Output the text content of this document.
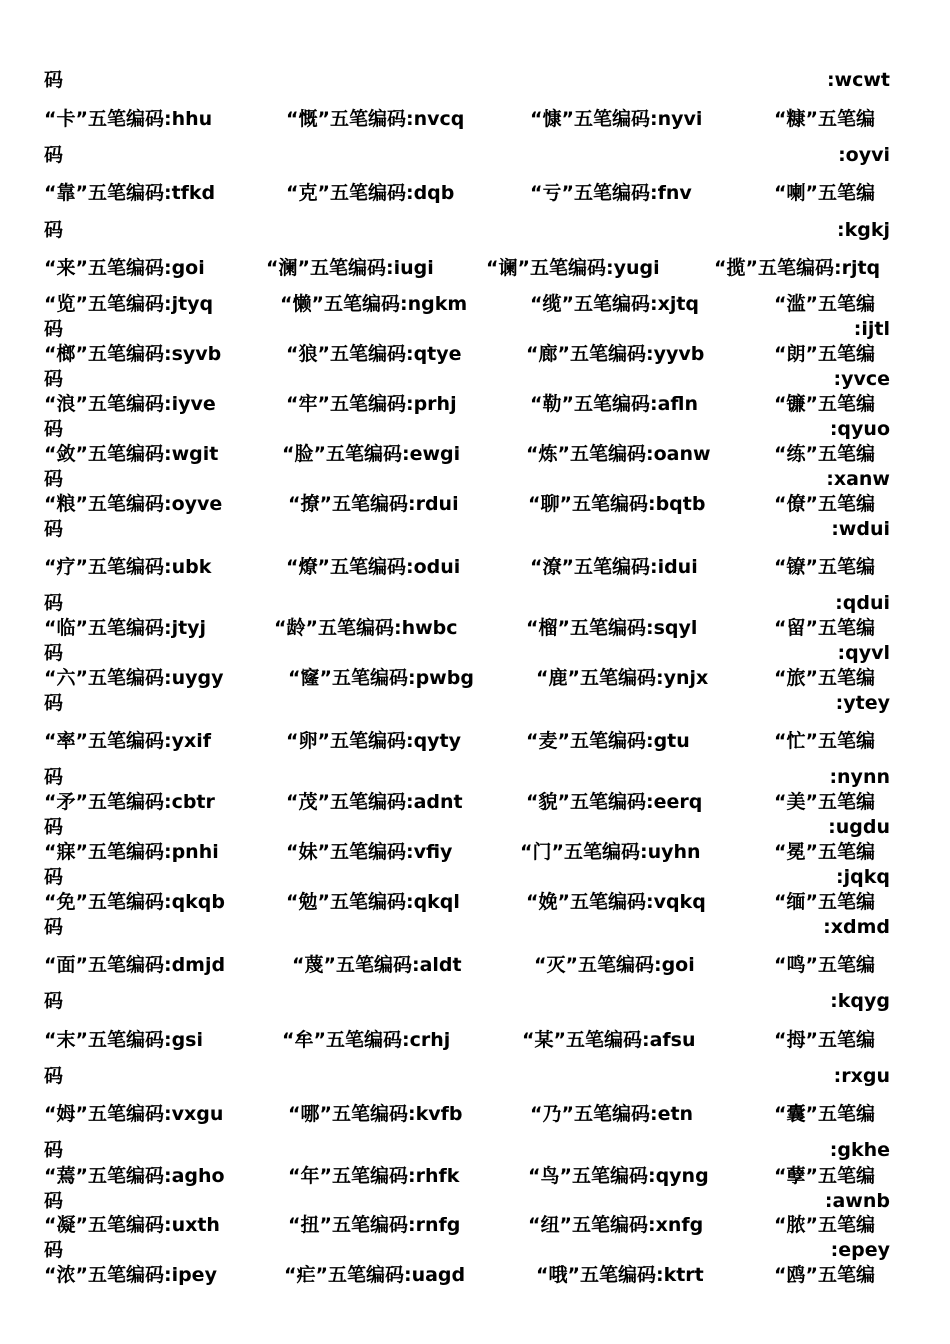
码	:wcwt
“卡”五笔编码:hhu	“慨”五笔编码:nvcq	“慷”五笔编码:nyvi	“糠”五笔编
码	:oyvi
“靠”五笔编码:tfkd	“克”五笔编码:dqb	“亏”五笔编码:fnv	“喇”五笔编
码	:kgkj
“来”五笔编码:goi	“澜”五笔编码:iugi	“谰”五笔编码:yugi	“揽”五笔编码:rjtq
“览”五笔编码:jtyq	“懒”五笔编码:ngkm	“缆”五笔编码:xjtq	“滥”五笔编
码	:ijtl
“榔”五笔编码:syvb	“狼”五笔编码:qtye	“廊”五笔编码:yyvb	“朗”五笔编
码	:yvce
“浪”五笔编码:iyve	“牢”五笔编码:prhj	“勒”五笔编码:afln	“镰”五笔编
码	:qyuo
“敛”五笔编码:wgit	“脸”五笔编码:ewgi	“炼”五笔编码:oanw	“练”五笔编
码	:xanw
“粮”五笔编码:oyve	“撩”五笔编码:rdui	“聊”五笔编码:bqtb	“僚”五笔编
码	:wdui
“疗”五笔编码:ubk	“燎”五笔编码:odui	“潦”五笔编码:idui	“镣”五笔编
码	:qdui
“临”五笔编码:jtyj	“龄”五笔编码:hwbc	“榴”五笔编码:sqyl	“留”五笔编
码	:qyvl
“六”五笔编码:uygy	“窿”五笔编码:pwbg	“鹿”五笔编码:ynjx	“旅”五笔编
码	:ytey
“率”五笔编码:yxif	“卵”五笔编码:qyty	“麦”五笔编码:gtu	“忙”五笔编
码	:nynn
“矛”五笔编码:cbtr	“茂”五笔编码:adnt	“貌”五笔编码:eerq	“美”五笔编
码	:ugdu
“寐”五笔编码:pnhi	“妹”五笔编码:vfiy	“门”五笔编码:uyhn	“冕”五笔编
码	:jqkq
“免”五笔编码:qkqb	“勉”五笔编码:qkql	“娩”五笔编码:vqkq	“缅”五笔编
码	:xdmd
“面”五笔编码:dmjd	“蔑”五笔编码:aldt	“灭”五笔编码:goi	“鸣”五笔编
码	:kqyg
“末”五笔编码:gsi	“牟”五笔编码:crhj	“某”五笔编码:afsu	“拇”五笔编
码	:rxgu
“姆”五笔编码:vxgu	“哪”五笔编码:kvfb	“乃”五笔编码:etn	“囊”五笔编
码	:gkhe
“蔫”五笔编码:agho	“年”五笔编码:rhfk	“鸟”五笔编码:qyng	“孽”五笔编
码	:awnb
“凝”五笔编码:uxth	“扭”五笔编码:rnfg	“纽”五笔编码:xnfg	“脓”五笔编
码	:epey
“浓”五笔编码:ipey	“疟”五笔编码:uagd	“哦”五笔编码:ktrt	“鸥”五笔编
